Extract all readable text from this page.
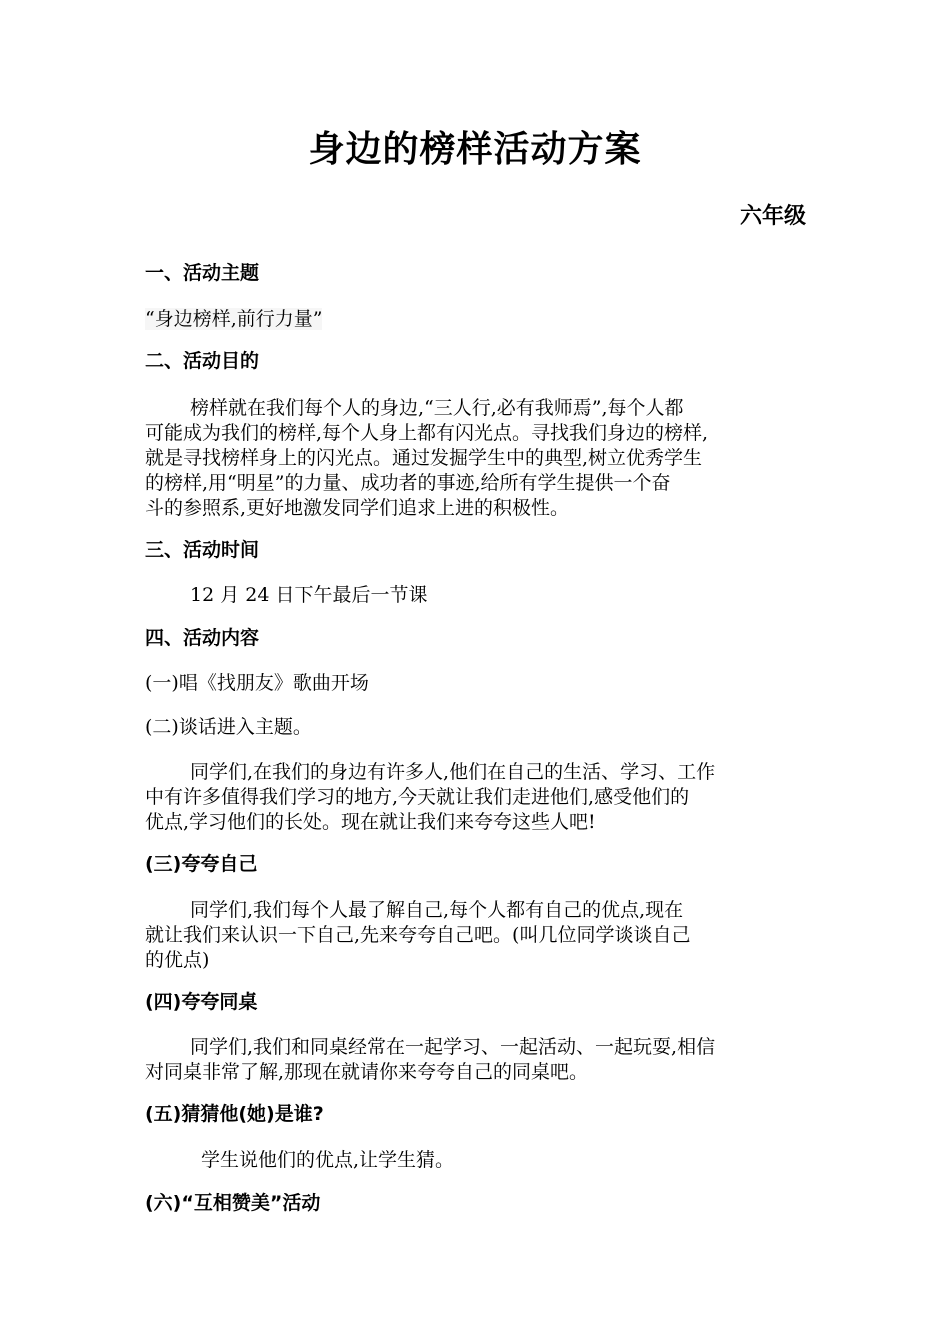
身边的榜样活动方案
六年级
一、活动主题
“身边榜样,前行力量”
二、活动目的
榜样就在我们每个人的身边,“三人行,必有我师焉”,每个人都
可能成为我们的榜样,每个人身上都有闪光点。寻找我们身边的榜样,
就是寻找榜样身上的闪光点。通过发掘学生中的典型,树立优秀学生
的榜样,用“明星”的力量、成功者的事迹,给所有学生提供一个奋
斗的参照系,更好地激发同学们追求上进的积极性。
三、活动时间
12 月 24 日下午最后一节课
四、活动内容
(一)唱《找朋友》歌曲开场
(二)谈话进入主题。
同学们,在我们的身边有许多人,他们在自己的生活、学习、工作
中有许多值得我们学习的地方,今天就让我们走进他们,感受他们的
优点,学习他们的长处。现在就让我们来夸夸这些人吧!
(三)夸夸自己
同学们,我们每个人最了解自己,每个人都有自己的优点,现在
就让我们来认识一下自己,先来夸夸自己吧。(叫几位同学谈谈自己
的优点)
(四)夸夸同桌
同学们,我们和同桌经常在一起学习、一起活动、一起玩耍,相信
对同桌非常了解,那现在就请你来夸夸自己的同桌吧。
(五)猜猜他(她)是谁?
学生说他们的优点,让学生猜。
(六)“互相赞美”活动
